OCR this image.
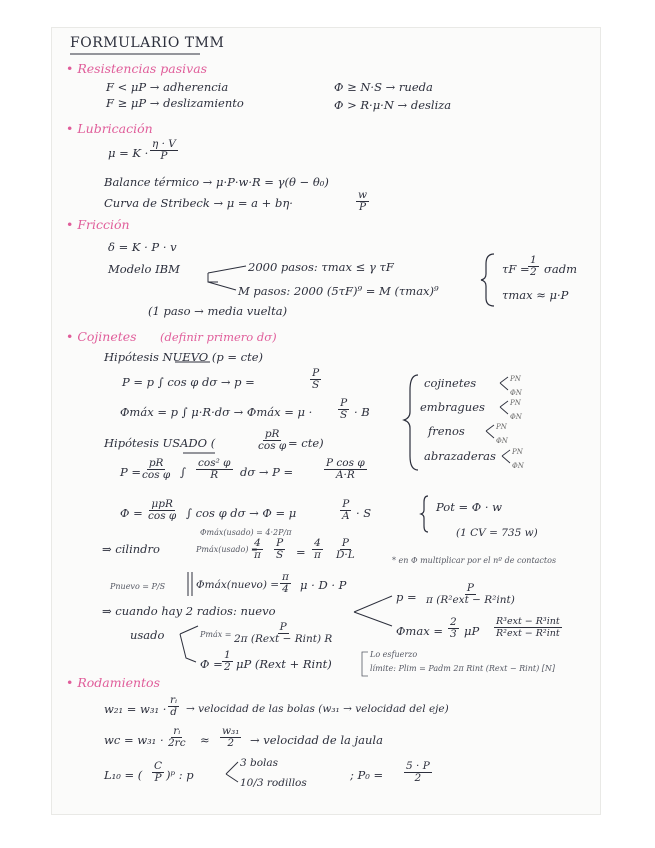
FORMULARIO TMM
• Resistencias pasivas
F < μP → adherencia
F ≥ μP → deslizamiento
Φ ≥ N·S → rueda
Φ > R·μ·N → desliza
• Lubricación
$\mu = K \cdot \frac{\eta \cdot V}{P}$
Balance térmico → μ·P·w·R = γ(θ − θ₀)
Curva de Stribeck → μ = a + bη·	$\frac{w}{P}$
• Fricción
δ = K · P · v
Modelo IBM	2000 pasos: τmax ≤ γ τF
M pasos: 2000 (5τF)⁹ = M (τmax)⁹
(1 paso → media vuelta)
τF =
$\frac{1}{2}$ σadm
τmax ≈ μ·P
• Cojinetes (definir primero dσ)
Hipótesis NUEVO (p = cte)
P = p ∫ cos φ dσ → p =	$\frac{P}{S}$
Φmáx = p ∫ μ·R·dσ → Φmáx = $\mu \cdot \frac{P}{S} \cdot B$
Hipótesis USADO (	$\frac{pR}{\text{cos φ}} = cte$)
P =
$\frac{pR}{\text{cos φ}}$ ∫ $\frac{\text{cos² φ}}{R}$ dσ → P =	$\frac{\text{P cos φ}}{A\cdot R}$
Φ =
μpR
cos φ ∫ cos φ dσ → Φ = μ	$\frac{P}{A} \cdot S$
Φmáx(usado) = 4·2P/π
⇒ cilindro	Pmáx(usado) =
$\frac{4}{\pi} \frac{P}{S} = \frac{4}{\pi} \frac{P}{D\cdot L}$	* en Φ multiplicar por el nº de contactos
Pnuevo = P/S	Φmáx(nuevo) = $\frac{\pi}{4}$ μ · D · P
⇒ cuando hay 2 radios: nuevo
p =
P
π (R²ext − R²int)
$\Phi\max = \frac{2}{3}$ μP
R³ext − R³int
R²ext − R²int
usado	Pmáx =
P
2π (Rext − Rint) R
$\Phi = \frac{1}{2}$ μP (Rext + Rint)
Lo esfuerzo
límite: Plim = Padm 2π Rint (Rext − Rint) [N]
cojinetes	PN
ΦN
embragues	PN
ΦN
frenos	PN
ΦN
abrazaderas PN
ΦN
Pot = Φ · w
(1 CV = 735 w)
• Rodamientos
$w_{21} = w_{31} \cdot \frac{\text{rᵢ}}{d}$ → velocidad de las bolas (w₃₁ → velocidad del eje)
wc = $w_{31} \cdot \frac{\text{rᵢ}}{2rc} \approx \frac{\text{w₃₁}}{2}$ → velocidad de la jaula
L₁₀ = ( $\frac{C}{P}$ )ᵖ : p
3 bolas
10/3 rodillos
; $P_0 = \frac{5 \cdot P}{2}$
